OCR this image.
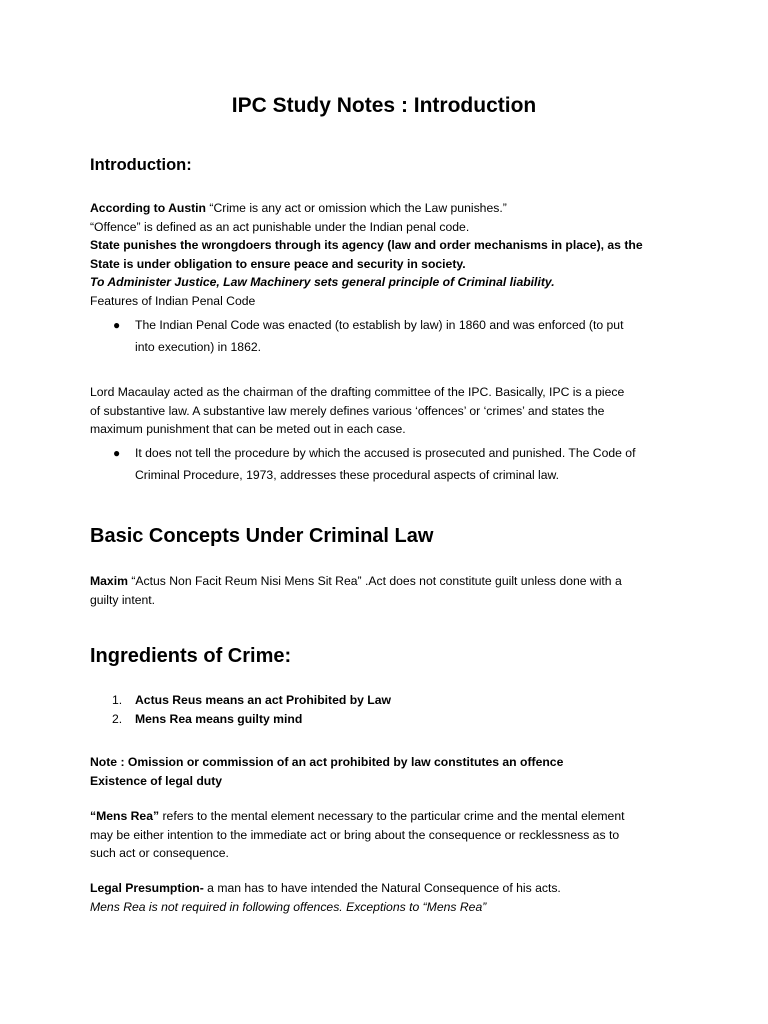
IPC Study Notes : Introduction
Introduction:

According to Austin “Crime is any act or omission which the Law punishes.”

“Offence” is defined as an act punishable under the Indian penal code.

State punishes the wrongdoers through its agency (law and order mechanisms in place), as the

State is under obligation to ensure peace and security in society.

To Administer Justice, Law Machinery sets general principle of Criminal liability.

Features of Indian Penal Code

● The Indian Penal Code was enacted (to establish by law) in 1860 and was enforced (to put
into execution) in 1862.

Lord Macaulay acted as the chairman of the drafting committee of the IPC. Basically, IPC is a piece

of substantive law. A substantive law merely defines various ‘offences’ or ‘crimes’ and states the

maximum punishment that can be meted out in each case.

● It does not tell the procedure by which the accused is prosecuted and punished. The Code of
Criminal Procedure, 1973, addresses these procedural aspects of criminal law.
Basic Concepts Under Criminal Law

Maxim “Actus Non Facit Reum Nisi Mens Sit Rea” .Act does not constitute guilt unless done with a

guilty intent.

Ingredients of Crime:
1. Actus Reus means an act Prohibited by Law
2. Mens Rea means guilty mind

Note : Omission or commission of an act prohibited by law constitutes an offence

Existence of legal duty

“Mens Rea” refers to the mental element necessary to the particular crime and the mental element

may be either intention to the immediate act or bring about the consequence or recklessness as to

such act or consequence.

Legal Presumption- a man has to have intended the Natural Consequence of his acts.

Mens Rea is not required in following offences. Exceptions to “Mens Rea”
